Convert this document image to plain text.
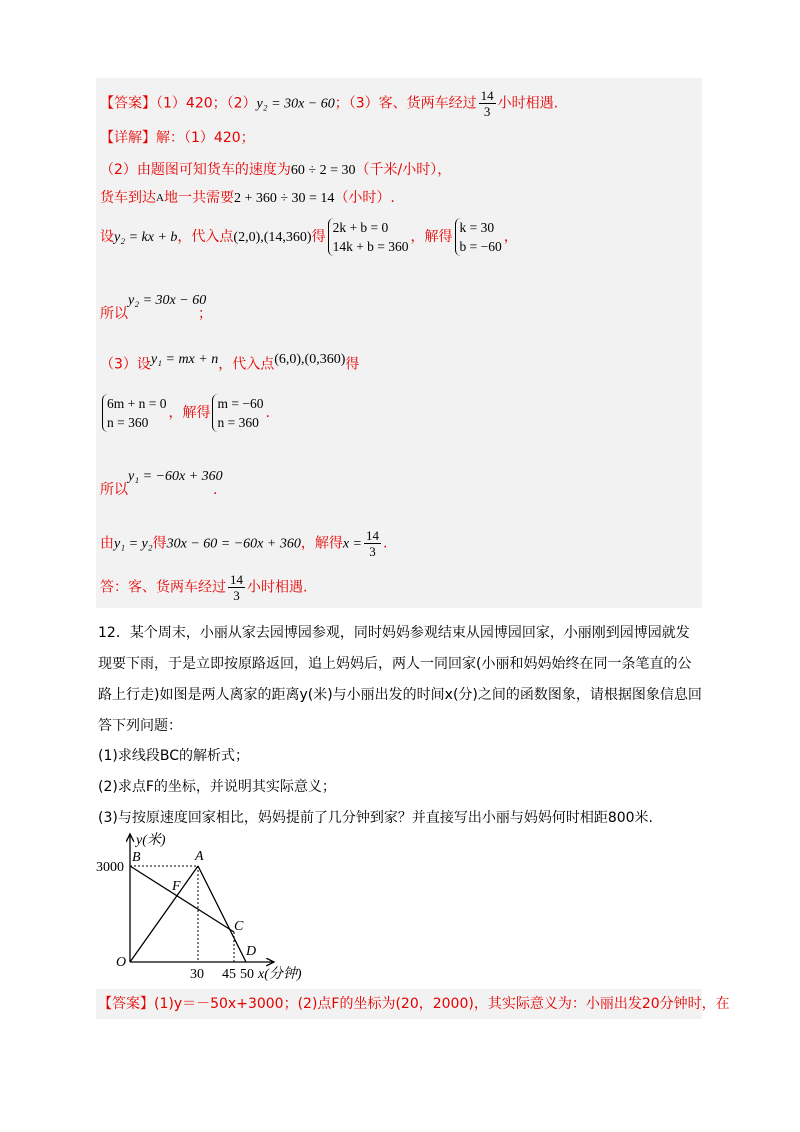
【答案】（1）420；（2）y₂ = 30x − 60；（3）客、货两车经过 $\frac{14}{3}$ 小时相遇.
【详解】解：（1）420；
（2）由题图可知货车的速度为60 ÷ 2 = 30（千米/小时），
货车到达$^A$地一共需要2 + 360 ÷ 30 = 14（小时）.
设y₂ = kx + b，代入点(2,0),(14,360)得
2k + b = 0
14k + b = 360
，解得
k = 30
b = −60
，
y₂ = 30x − 60
所以	；
（3）设y₁ = mx + n，代入点(6,0),(0,360)得
6m + n = 0
n = 360
，解得
m = −60
n = 360
.
y₁ = −60x + 360
所以	.
由y₁ = y₂得30x − 60 = −60x + 360，解得$x = \frac{14}{3}$ .
答：客、货两车经过 $\frac{14}{3}$ 小时相遇.
12．某个周末，小丽从家去园博园参观，同时妈妈参观结束从园博园回家，小丽刚到园博园就发
现要下雨，于是立即按原路返回，追上妈妈后，两人一同回家(小丽和妈妈始终在同一条笔直的公
路上行走)如图是两人离家的距离y(米)与小丽出发的时间x(分)之间的函数图象，请根据图象信息回
答下列问题：
(1)求线段BC的解析式；
(2)求点F的坐标，并说明其实际意义；
(3)与按原速度回家相比，妈妈提前了几分钟到家？并直接写出小丽与妈妈何时相距800米.
y(米)
3000
B	A
F
C
D
O
30 45 50 x(分钟)
【答案】(1)y＝－50x+3000；(2)点F的坐标为(20，2000)，其实际意义为：小丽出发20分钟时，在
